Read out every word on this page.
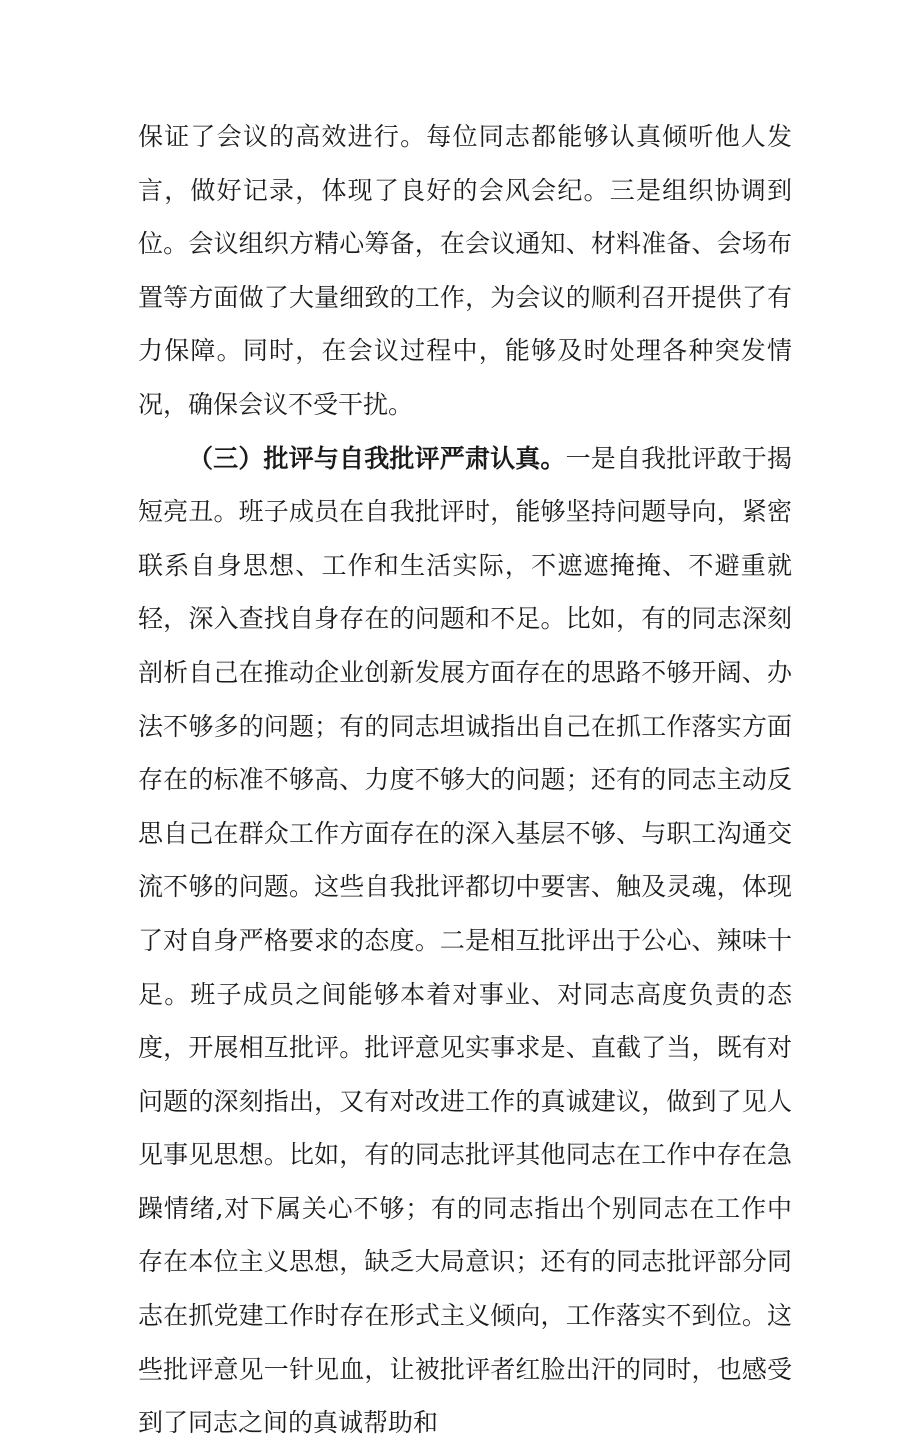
保证了会议的高效进行。每位同志都能够认真倾听他人发言，做好记录，体现了良好的会风会纪。三是组织协调到位。会议组织方精心筹备，在会议通知、材料准备、会场布置等方面做了大量细致的工作，为会议的顺利召开提供了有力保障。同时，在会议过程中，能够及时处理各种突发情况，确保会议不受干扰。

（三）批评与自我批评严肃认真。一是自我批评敢于揭短亮丑。班子成员在自我批评时，能够坚持问题导向，紧密联系自身思想、工作和生活实际，不遮遮掩掩、不避重就轻，深入查找自身存在的问题和不足。比如，有的同志深刻剖析自己在推动企业创新发展方面存在的思路不够开阔、办法不够多的问题；有的同志坦诚指出自己在抓工作落实方面存在的标准不够高、力度不够大的问题；还有的同志主动反思自己在群众工作方面存在的深入基层不够、与职工沟通交流不够的问题。这些自我批评都切中要害、触及灵魂，体现了对自身严格要求的态度。二是相互批评出于公心、辣味十足。班子成员之间能够本着对事业、对同志高度负责的态度，开展相互批评。批评意见实事求是、直截了当，既有对问题的深刻指出，又有对改进工作的真诚建议，做到了见人见事见思想。比如，有的同志批评其他同志在工作中存在急躁情绪,对下属关心不够；有的同志指出个别同志在工作中存在本位主义思想，缺乏大局意识；还有的同志批评部分同志在抓党建工作时存在形式主义倾向，工作落实不到位。这些批评意见一针见血，让被批评者红脸出汗的同时，也感受到了同志之间的真诚帮助和
